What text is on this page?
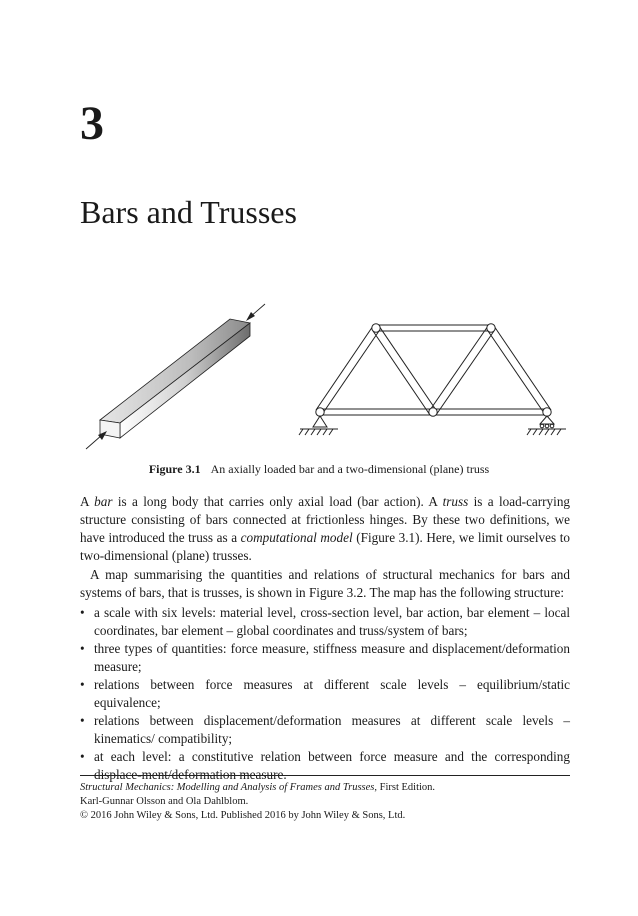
3
Bars and Trusses
Figure 3.1 An axially loaded bar and a two-dimensional (plane) truss

A bar is a long body that carries only axial load (bar action). A truss is a load-carrying structure consisting of bars connected at frictionless hinges. By these two definitions, we have introduced the truss as a computational model (Figure 3.1). Here, we limit ourselves to two-dimensional (plane) trusses.

A map summarising the quantities and relations of structural mechanics for bars and systems of bars, that is trusses, is shown in Figure 3.2. The map has the following structure:

• a scale with six levels: material level, cross-section level, bar action, bar element – local coordinates, bar element – global coordinates and truss/system of bars;
• three types of quantities: force measure, stiffness measure and displacement/deformation measure;
• relations between force measures at different scale levels – equilibrium/static equivalence;
• relations between displacement/deformation measures at different scale levels – kinematics/ compatibility;
• at each level: a constitutive relation between force measure and the corresponding displace-ment/deformation measure.
Structural Mechanics: Modelling and Analysis of Frames and Trusses, First Edition.
Karl-Gunnar Olsson and Ola Dahlblom.
© 2016 John Wiley & Sons, Ltd. Published 2016 by John Wiley & Sons, Ltd.
